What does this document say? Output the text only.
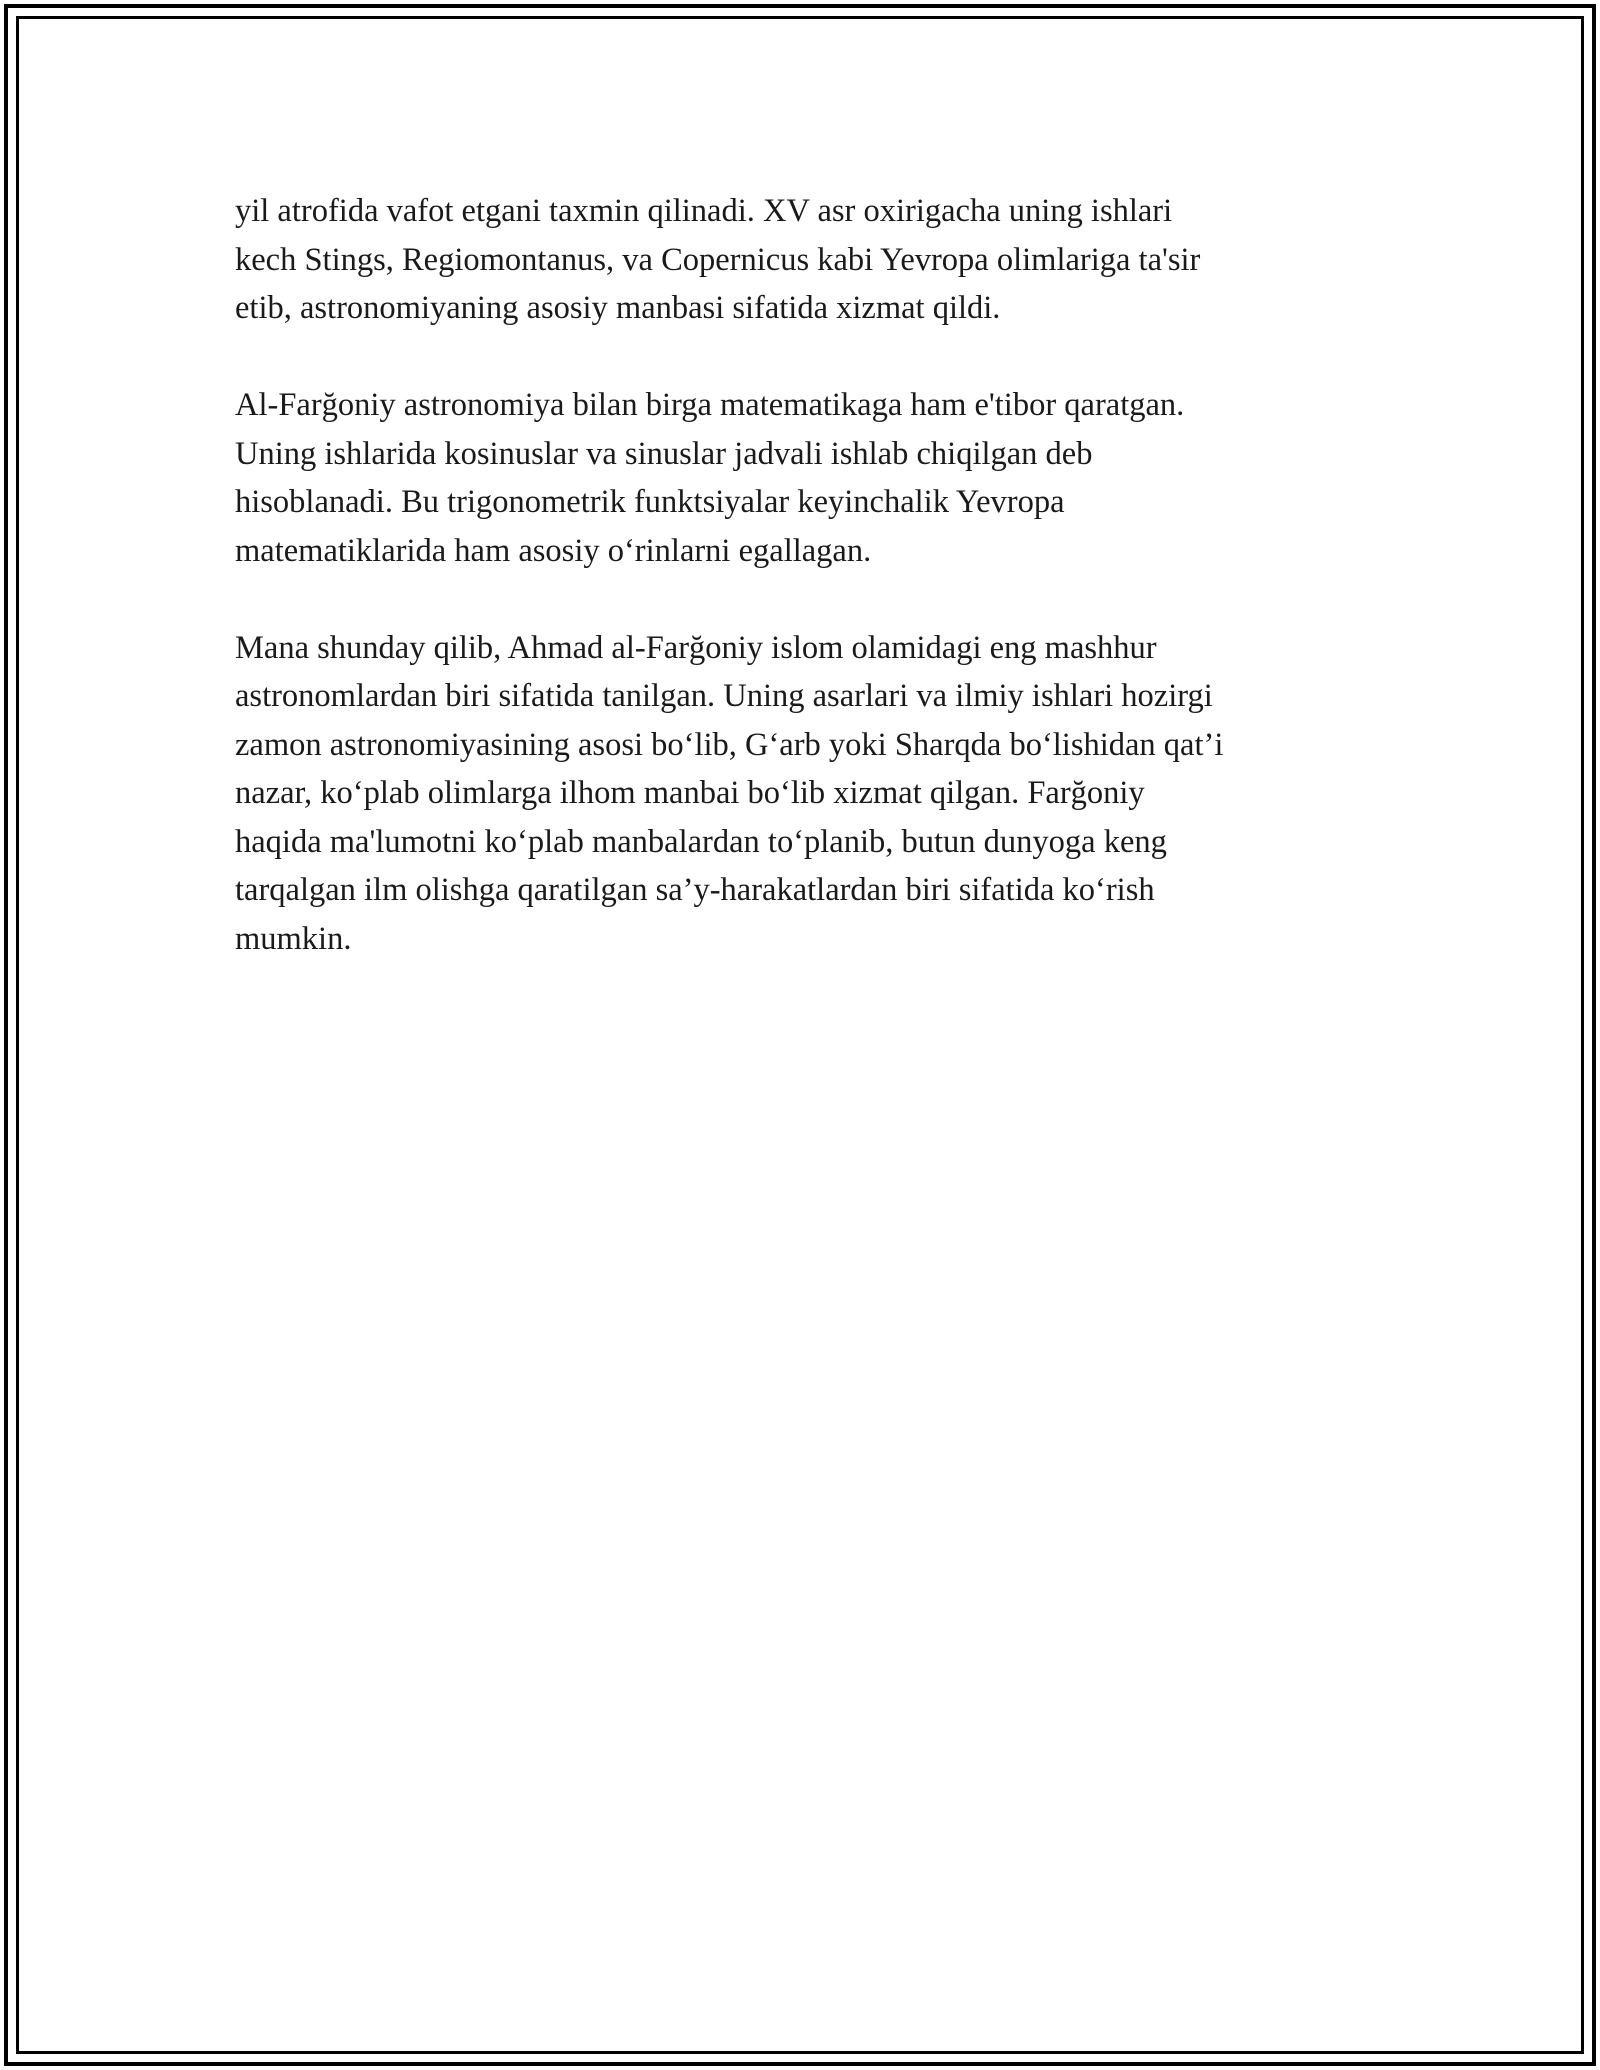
yil atrofida vafot etgani taxmin qilinadi. XV asr oxirigacha uning ishlari
kech Stings, Regiomontanus, va Copernicus kabi Yevropa olimlariga ta'sir
etib, astronomiyaning asosiy manbasi sifatida xizmat qildi.

Al-Farğoniy astronomiya bilan birga matematikaga ham e'tibor qaratgan.
Uning ishlarida kosinuslar va sinuslar jadvali ishlab chiqilgan deb
hisoblanadi. Bu trigonometrik funktsiyalar keyinchalik Yevropa
matematiklarida ham asosiy o‘rinlarni egallagan.

Mana shunday qilib, Ahmad al-Farğoniy islom olamidagi eng mashhur
astronomlardan biri sifatida tanilgan. Uning asarlari va ilmiy ishlari hozirgi
zamon astronomiyasining asosi bo‘lib, G‘arb yoki Sharqda bo‘lishidan qat’i
nazar, ko‘plab olimlarga ilhom manbai bo‘lib xizmat qilgan. Farğoniy
haqida ma'lumotni ko‘plab manbalardan to‘planib, butun dunyoga keng
tarqalgan ilm olishga qaratilgan sa’y-harakatlardan biri sifatida ko‘rish
mumkin.
